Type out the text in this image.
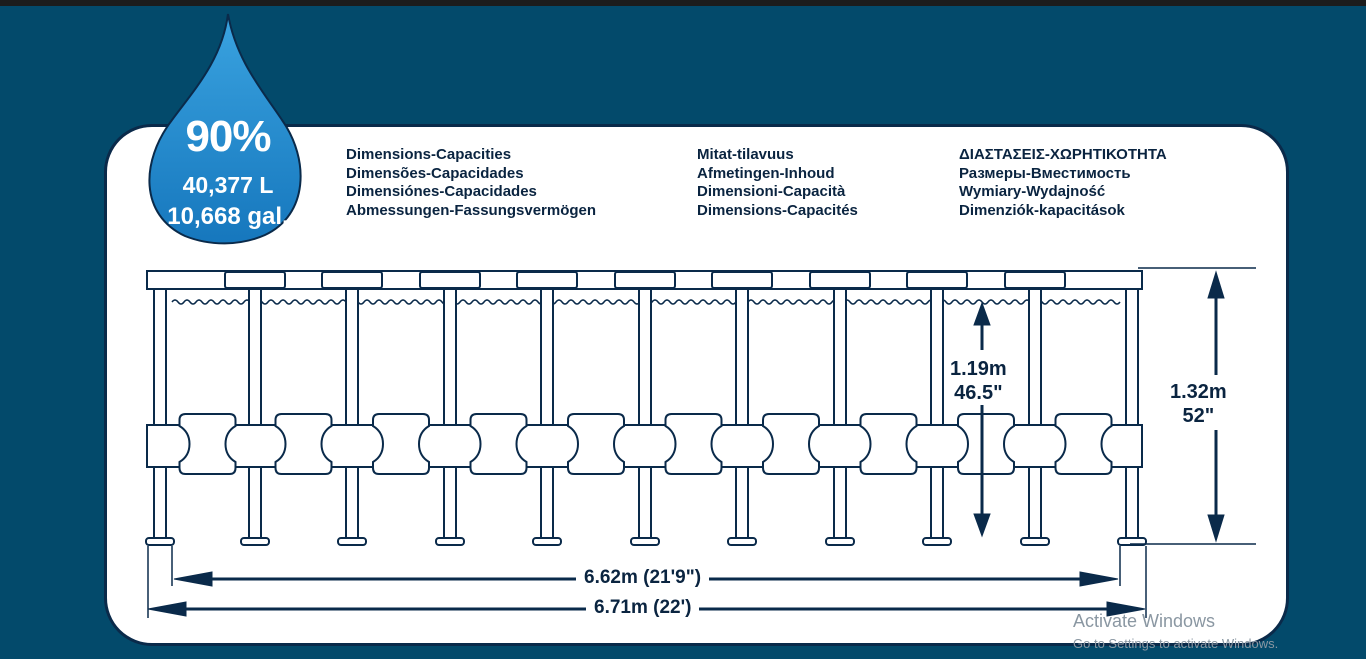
90%
40,377 L
10,668 gal.
Dimensions-Capacities
Dimensões-Capacidades
Dimensiónes-Capacidades
Abmessungen-Fassungsvermögen
Mitat-tilavuus
Afmetingen-Inhoud
Dimensioni-Capacità
Dimensions-Capacités
ΔΙΑΣΤΑΣΕΙΣ-ΧΩΡΗΤΙΚΟΤΗΤΑ
Размеры-Вместимость
Wymiary-Wydajność
Dimenziók-kapacitások
1.19m
46.5"	1.32m
52"
6.62m (21'9")
6.71m (22')
Activate Windows
Go to Settings to activate Windows.
